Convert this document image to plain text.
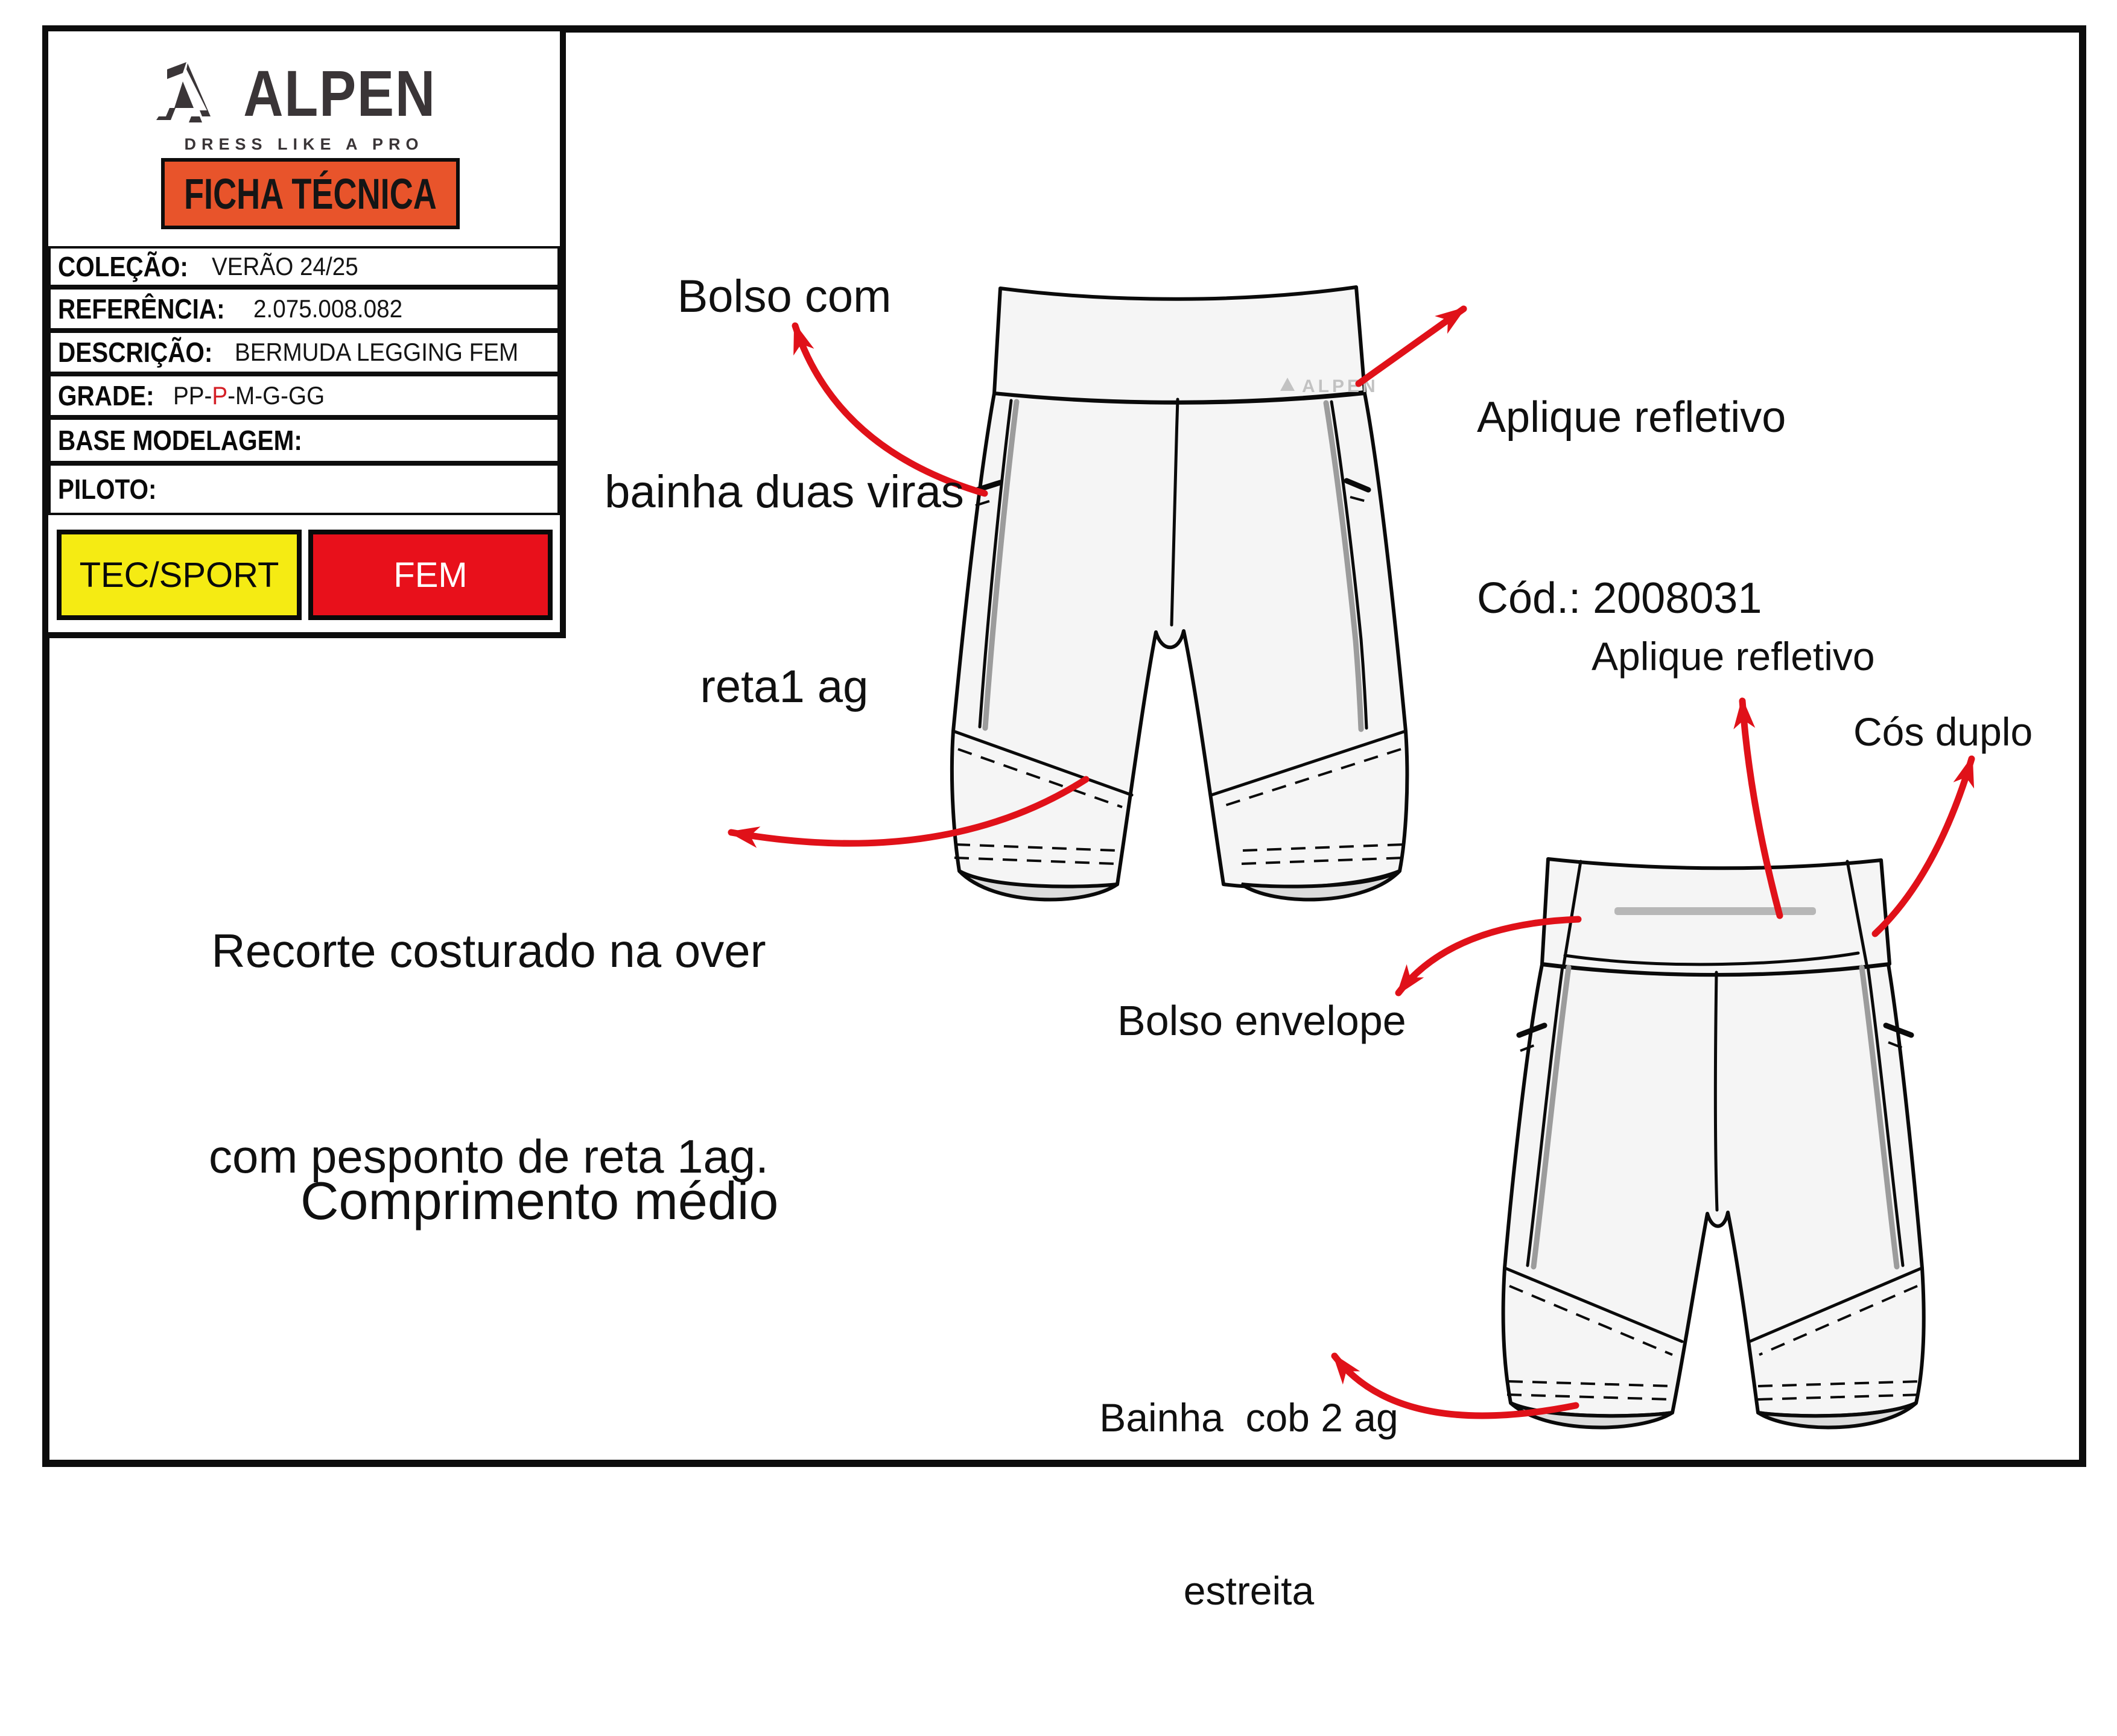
ALPEN
DRESS LIKE A PRO
FICHA TÉCNICA
COLEÇÃO: VERÃO 24/25
REFERÊNCIA: 2.075.008.082
DESCRIÇÃO: BERMUDA LEGGING FEM
GRADE: PP-P-M-G-GG
BASE MODELAGEM:
PILOTO:
TEC/SPORT	FEM
ALPEN

Bolso com

bainha duas viras

reta1 ag

Aplique refletivo

Cód.: 2008031

Recorte costurado na over

com pesponto de reta 1ag.

Comprimento médio
Aplique refletivo
Cós duplo
Bolso envelope

Bainha  cob 2 ag

estreita
